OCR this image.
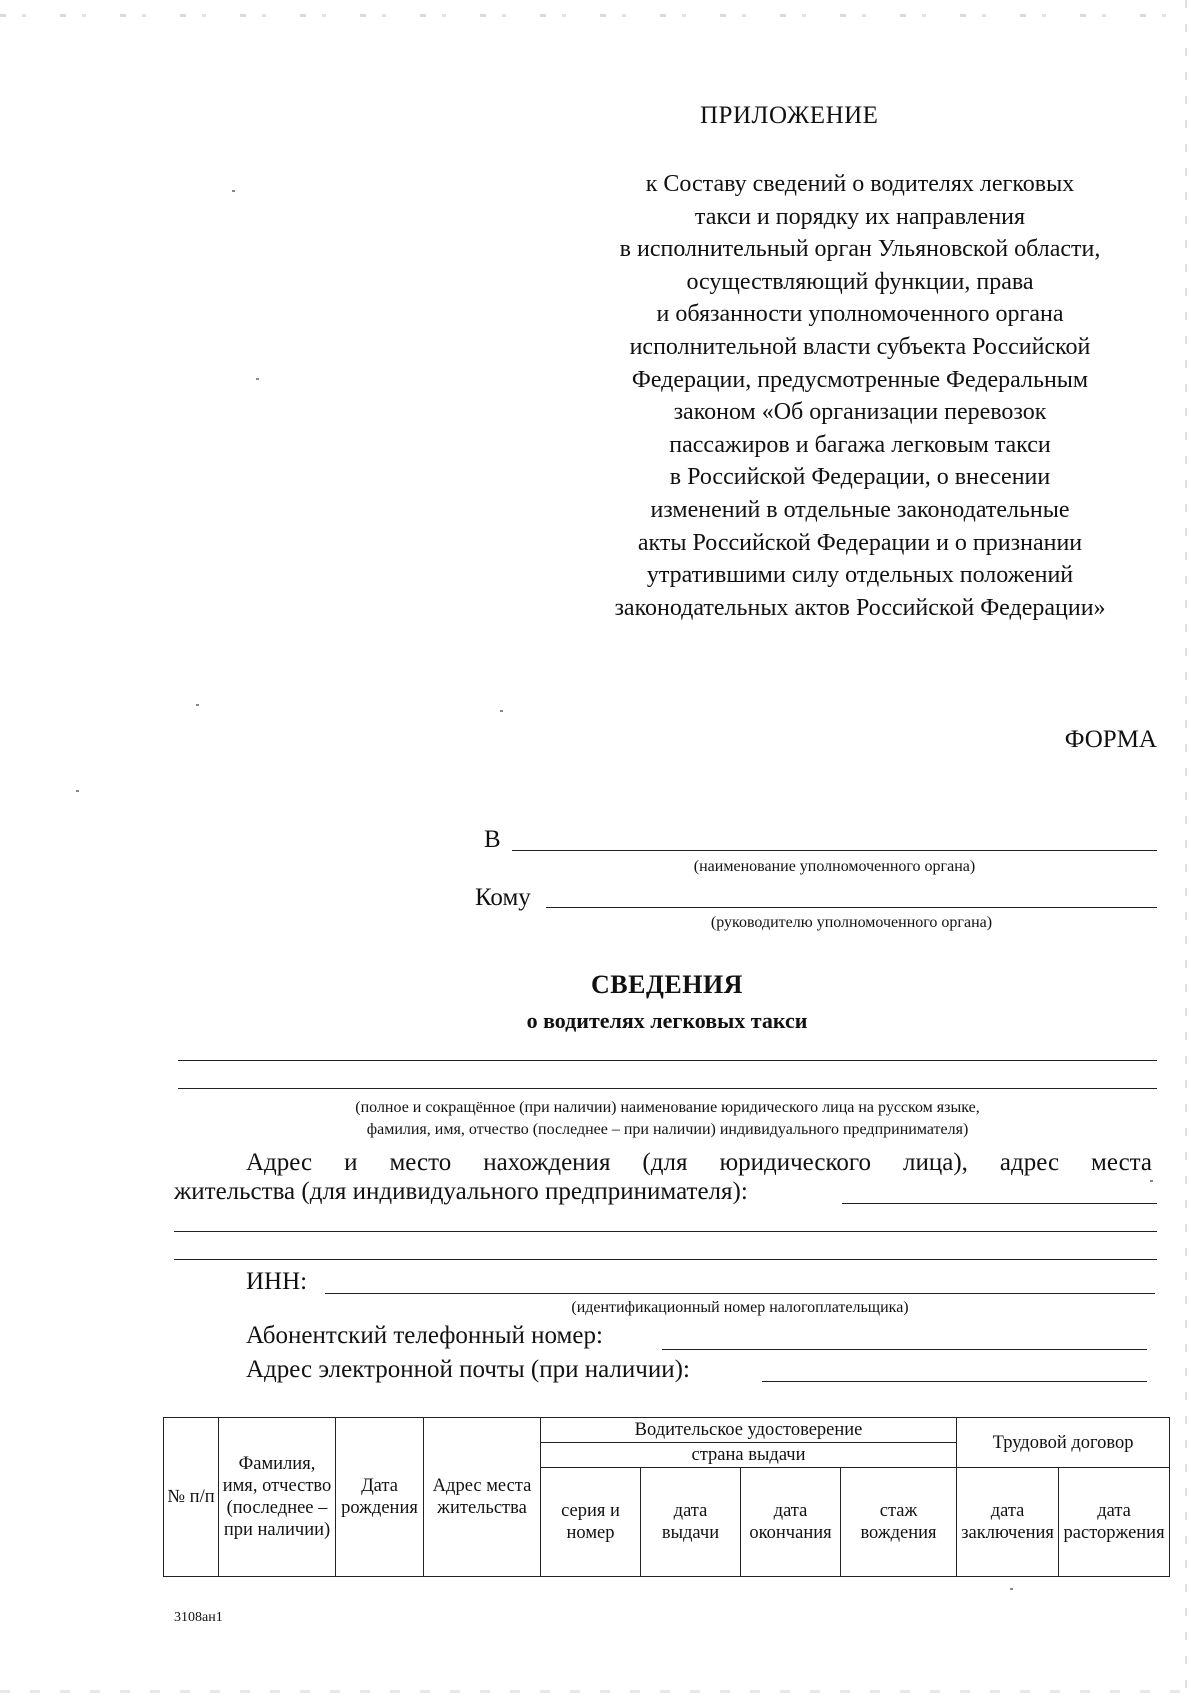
ПРИЛОЖЕНИЕ
к Составу сведений о водителях легковых
такси и порядку их направления
в исполнительный орган Ульяновской области,
осуществляющий функции, права
и обязанности уполномоченного органа
исполнительной власти субъекта Российской
Федерации, предусмотренные Федеральным
законом «Об организации перевозок
пассажиров и багажа легковым такси
в Российской Федерации, о внесении
изменений в отдельные законодательные
акты Российской Федерации и о признании
утратившими силу отдельных положений
законодательных актов Российской Федерации»
ФОРМА
В
(наименование уполномоченного органа)
Кому
(руководителю уполномоченного органа)
СВЕДЕНИЯ
о водителях легковых такси
(полное и сокращённое (при наличии) наименование юридического лица на русском языке,
фамилия, имя, отчество (последнее – при наличии) индивидуального предпринимателя)
Адрес и место нахождения (для юридического лица), адрес места
жительства (для индивидуального предпринимателя):
ИНН:
(идентификационный номер налогоплательщика)
Абонентский телефонный номер:
Адрес электронной почты (при наличии):
№ п/п	Фамилия, имя, отчество (последнее – при наличии)	Дата рождения	Адрес места жительства	Водительское удостоверение				Трудовой договор	
				страна выдачи					
				серия и номер	дата выдачи	дата окончания	стаж вождения	дата заключения	дата расторжения
3108ан1
